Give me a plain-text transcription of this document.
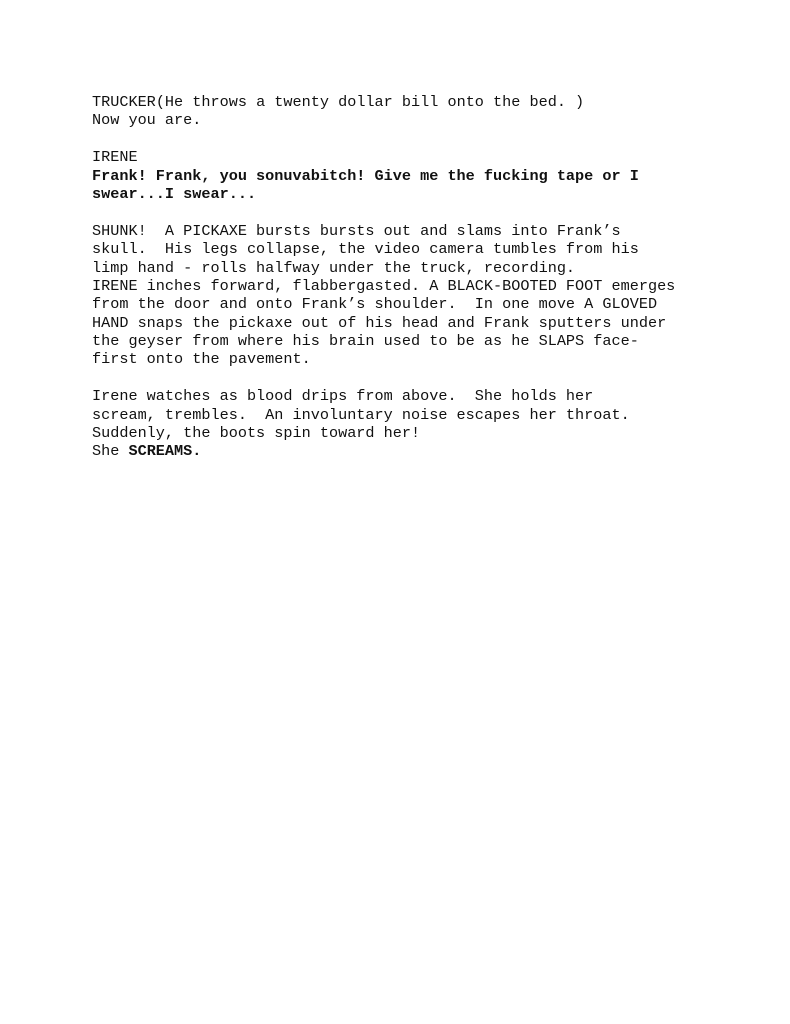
TRUCKER(He throws a twenty dollar bill onto the bed. )
Now you are.
IRENE
Frank! Frank, you sonuvabitch! Give me the fucking tape or I
swear...I swear...
SHUNK!  A PICKAXE bursts bursts out and slams into Frank’s
skull.  His legs collapse, the video camera tumbles from his
limp hand - rolls halfway under the truck, recording.
IRENE inches forward, flabbergasted. A BLACK-BOOTED FOOT emerges
from the door and onto Frank’s shoulder.  In one move A GLOVED
HAND snaps the pickaxe out of his head and Frank sputters under
the geyser from where his brain used to be as he SLAPS face-
first onto the pavement.
Irene watches as blood drips from above.  She holds her
scream, trembles.  An involuntary noise escapes her throat.
Suddenly, the boots spin toward her!
She SCREAMS.
